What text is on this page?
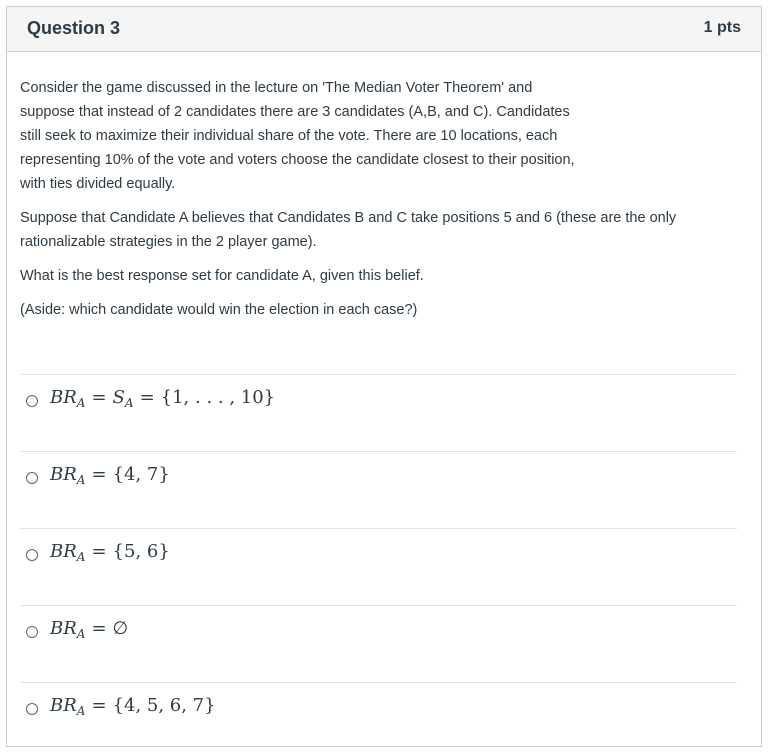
Question 3	1 pts

Consider the game discussed in the lecture on 'The Median Voter Theorem' and suppose that instead of 2 candidates there are 3 candidates (A,B, and C). Candidates still seek to maximize their individual share of the vote. There are 10 locations, each representing 10% of the vote and voters choose the candidate closest to their position, with ties divided equally.

Suppose that Candidate A believes that Candidates B and C take positions 5 and 6 (these are the only rationalizable strategies in the 2 player game).

What is the best response set for candidate A, given this belief.

(Aside: which candidate would win the election in each case?)

$BR_A = S_A = \{1$, . . . , 10}
$BR_A = \{4$, 7}
$BR_A = \{5$, 6}
$BR_A$ = ∅
$BR_A = \{4$, 5, 6, 7}
